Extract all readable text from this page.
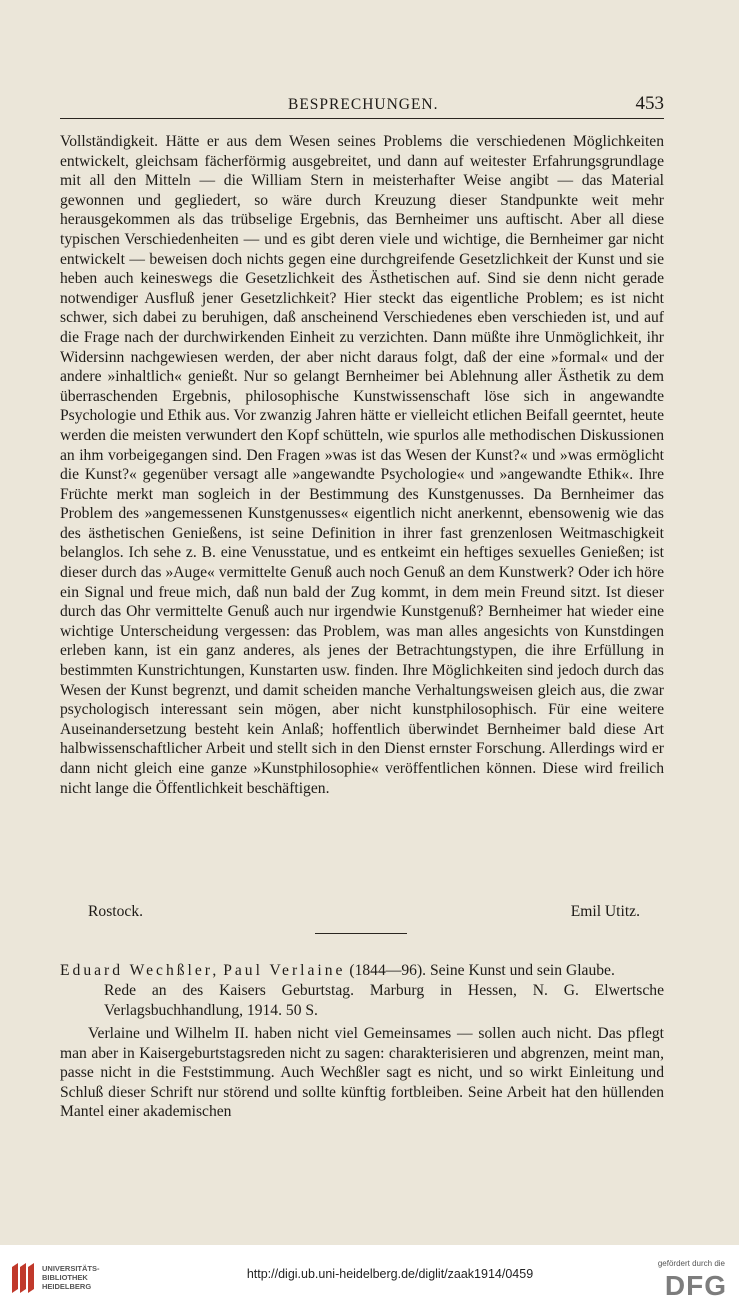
BESPRECHUNGEN.	453

Vollständigkeit. Hätte er aus dem Wesen seines Problems die verschiedenen Möglichkeiten entwickelt, gleichsam fächerförmig ausgebreitet, und dann auf weitester Erfahrungsgrundlage mit all den Mitteln — die William Stern in meisterhafter Weise angibt — das Material gewonnen und gegliedert, so wäre durch Kreuzung dieser Standpunkte weit mehr herausgekommen als das trübselige Ergebnis, das Bernheimer uns auftischt. Aber all diese typischen Verschiedenheiten — und es gibt deren viele und wichtige, die Bernheimer gar nicht entwickelt — beweisen doch nichts gegen eine durchgreifende Gesetzlichkeit der Kunst und sie heben auch keineswegs die Gesetzlichkeit des Ästhetischen auf. Sind sie denn nicht gerade notwendiger Ausfluß jener Gesetzlichkeit? Hier steckt das eigentliche Problem; es ist nicht schwer, sich dabei zu beruhigen, daß anscheinend Verschiedenes eben verschieden ist, und auf die Frage nach der durchwirkenden Einheit zu verzichten. Dann müßte ihre Unmöglichkeit, ihr Widersinn nachgewiesen werden, der aber nicht daraus folgt, daß der eine »formal« und der andere »inhaltlich« genießt. Nur so gelangt Bernheimer bei Ablehnung aller Ästhetik zu dem überraschenden Ergebnis, philosophische Kunstwissenschaft löse sich in angewandte Psychologie und Ethik aus. Vor zwanzig Jahren hätte er vielleicht etlichen Beifall geerntet, heute werden die meisten verwundert den Kopf schütteln, wie spurlos alle methodischen Diskussionen an ihm vorbeigegangen sind. Den Fragen »was ist das Wesen der Kunst?« und »was ermöglicht die Kunst?« gegenüber versagt alle »angewandte Psychologie« und »angewandte Ethik«. Ihre Früchte merkt man sogleich in der Bestimmung des Kunstgenusses. Da Bernheimer das Problem des »angemessenen Kunstgenusses« eigentlich nicht anerkennt, ebensowenig wie das des ästhetischen Genießens, ist seine Definition in ihrer fast grenzenlosen Weitmaschigkeit belanglos. Ich sehe z. B. eine Venusstatue, und es entkeimt ein heftiges sexuelles Genießen; ist dieser durch das »Auge« vermittelte Genuß auch noch Genuß an dem Kunstwerk? Oder ich höre ein Signal und freue mich, daß nun bald der Zug kommt, in dem mein Freund sitzt. Ist dieser durch das Ohr vermittelte Genuß auch nur irgendwie Kunstgenuß? Bernheimer hat wieder eine wichtige Unterscheidung vergessen: das Problem, was man alles angesichts von Kunstdingen erleben kann, ist ein ganz anderes, als jenes der Betrachtungstypen, die ihre Erfüllung in bestimmten Kunstrichtungen, Kunstarten usw. finden. Ihre Möglichkeiten sind jedoch durch das Wesen der Kunst begrenzt, und damit scheiden manche Verhaltungsweisen gleich aus, die zwar psychologisch interessant sein mögen, aber nicht kunstphilosophisch. Für eine weitere Auseinandersetzung besteht kein Anlaß; hoffentlich überwindet Bernheimer bald diese Art halbwissenschaftlicher Arbeit und stellt sich in den Dienst ernster Forschung. Allerdings wird er dann nicht gleich eine ganze »Kunstphilosophie« veröffentlichen können. Diese wird freilich nicht lange die Öffentlichkeit beschäftigen.

Rostock.	Emil Utitz.
Eduard Wechßler, Paul Verlaine (1844—96). Seine Kunst und sein Glaube.
Rede an des Kaisers Geburtstag. Marburg in Hessen, N. G. Elwertsche Verlagsbuchhandlung, 1914. 50 S.
Verlaine und Wilhelm II. haben nicht viel Gemeinsames — sollen auch nicht. Das pflegt man aber in Kaisergeburtstagsreden nicht zu sagen: charakterisieren und abgrenzen, meint man, passe nicht in die Feststimmung. Auch Wechßler sagt es nicht, und so wirkt Einleitung und Schluß dieser Schrift nur störend und sollte künftig fortbleiben. Seine Arbeit hat den hüllenden Mantel einer akademischen
UNIVERSITÄTS-
BIBLIOTHEK
HEIDELBERG
http://digi.ub.uni-heidelberg.de/diglit/zaak1914/0459
gefördert durch die
DFG
